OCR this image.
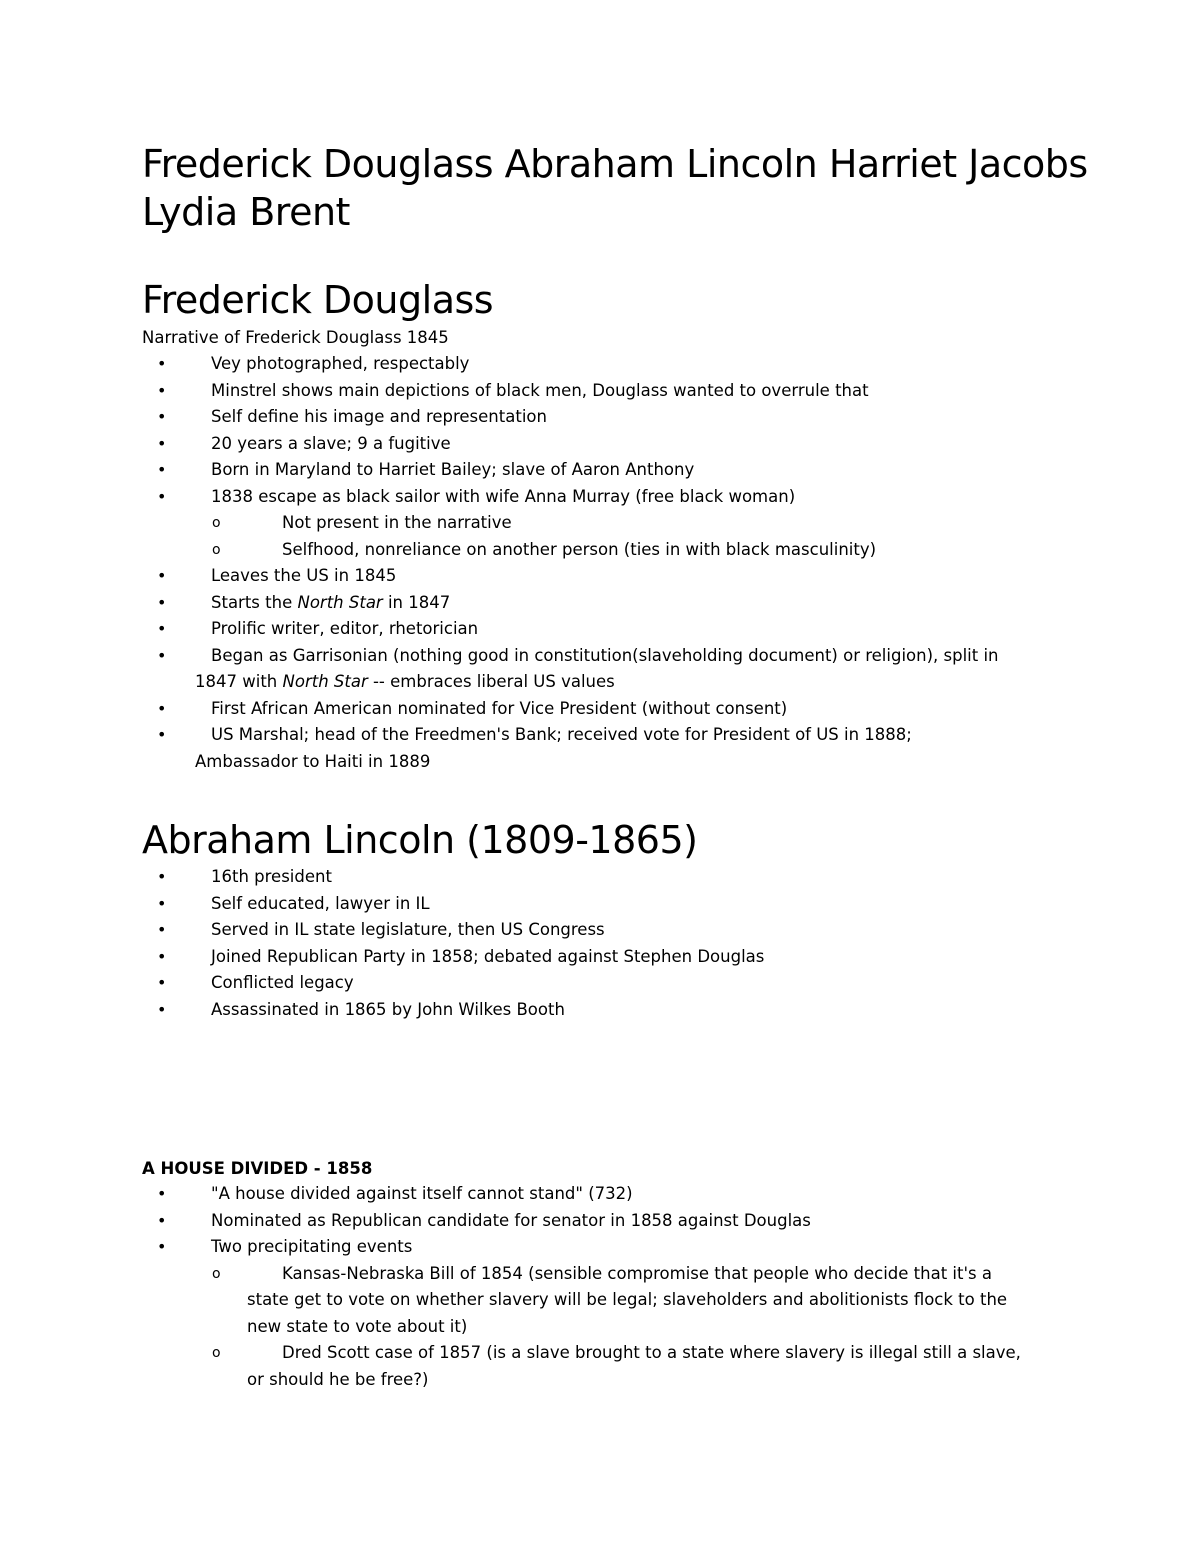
Frederick Douglass Abraham Lincoln Harriet Jacobs Lydia Brent
Frederick Douglass

Narrative of Frederick Douglass 1845

•	Vey photographed, respectably
•	Minstrel shows main depictions of black men, Douglass wanted to overrule that
•	Self define his image and representation
•	20 years a slave; 9 a fugitive
•	Born in Maryland to Harriet Bailey; slave of Aaron Anthony
•	1838 escape as black sailor with wife Anna Murray (free black woman)
o	Not present in the narrative
o	Selfhood, nonreliance on another person (ties in with black masculinity)
•	Leaves the US in 1845
•	Starts the North Star in 1847
•	Prolific writer, editor, rhetorician
•	Began as Garrisonian (nothing good in constitution(slaveholding document) or religion), split in
1847 with North Star -- embraces liberal US values
•	First African American nominated for Vice President (without consent)
•	US Marshal; head of the Freedmen's Bank; received vote for President of US in 1888;
Ambassador to Haiti in 1889
Abraham Lincoln (1809-1865)
•	16th president
•	Self educated, lawyer in IL
•	Served in IL state legislature, then US Congress
•	Joined Republican Party in 1858; debated against Stephen Douglas
•	Conflicted legacy
•	Assassinated in 1865 by John Wilkes Booth

A HOUSE DIVIDED - 1858

•	"A house divided against itself cannot stand" (732)
•	Nominated as Republican candidate for senator in 1858 against Douglas
•	Two precipitating events
o	Kansas-Nebraska Bill of 1854 (sensible compromise that people who decide that it's a
state get to vote on whether slavery will be legal; slaveholders and abolitionists flock to the
new state to vote about it)
o	Dred Scott case of 1857 (is a slave brought to a state where slavery is illegal still a slave,
or should he be free?)
